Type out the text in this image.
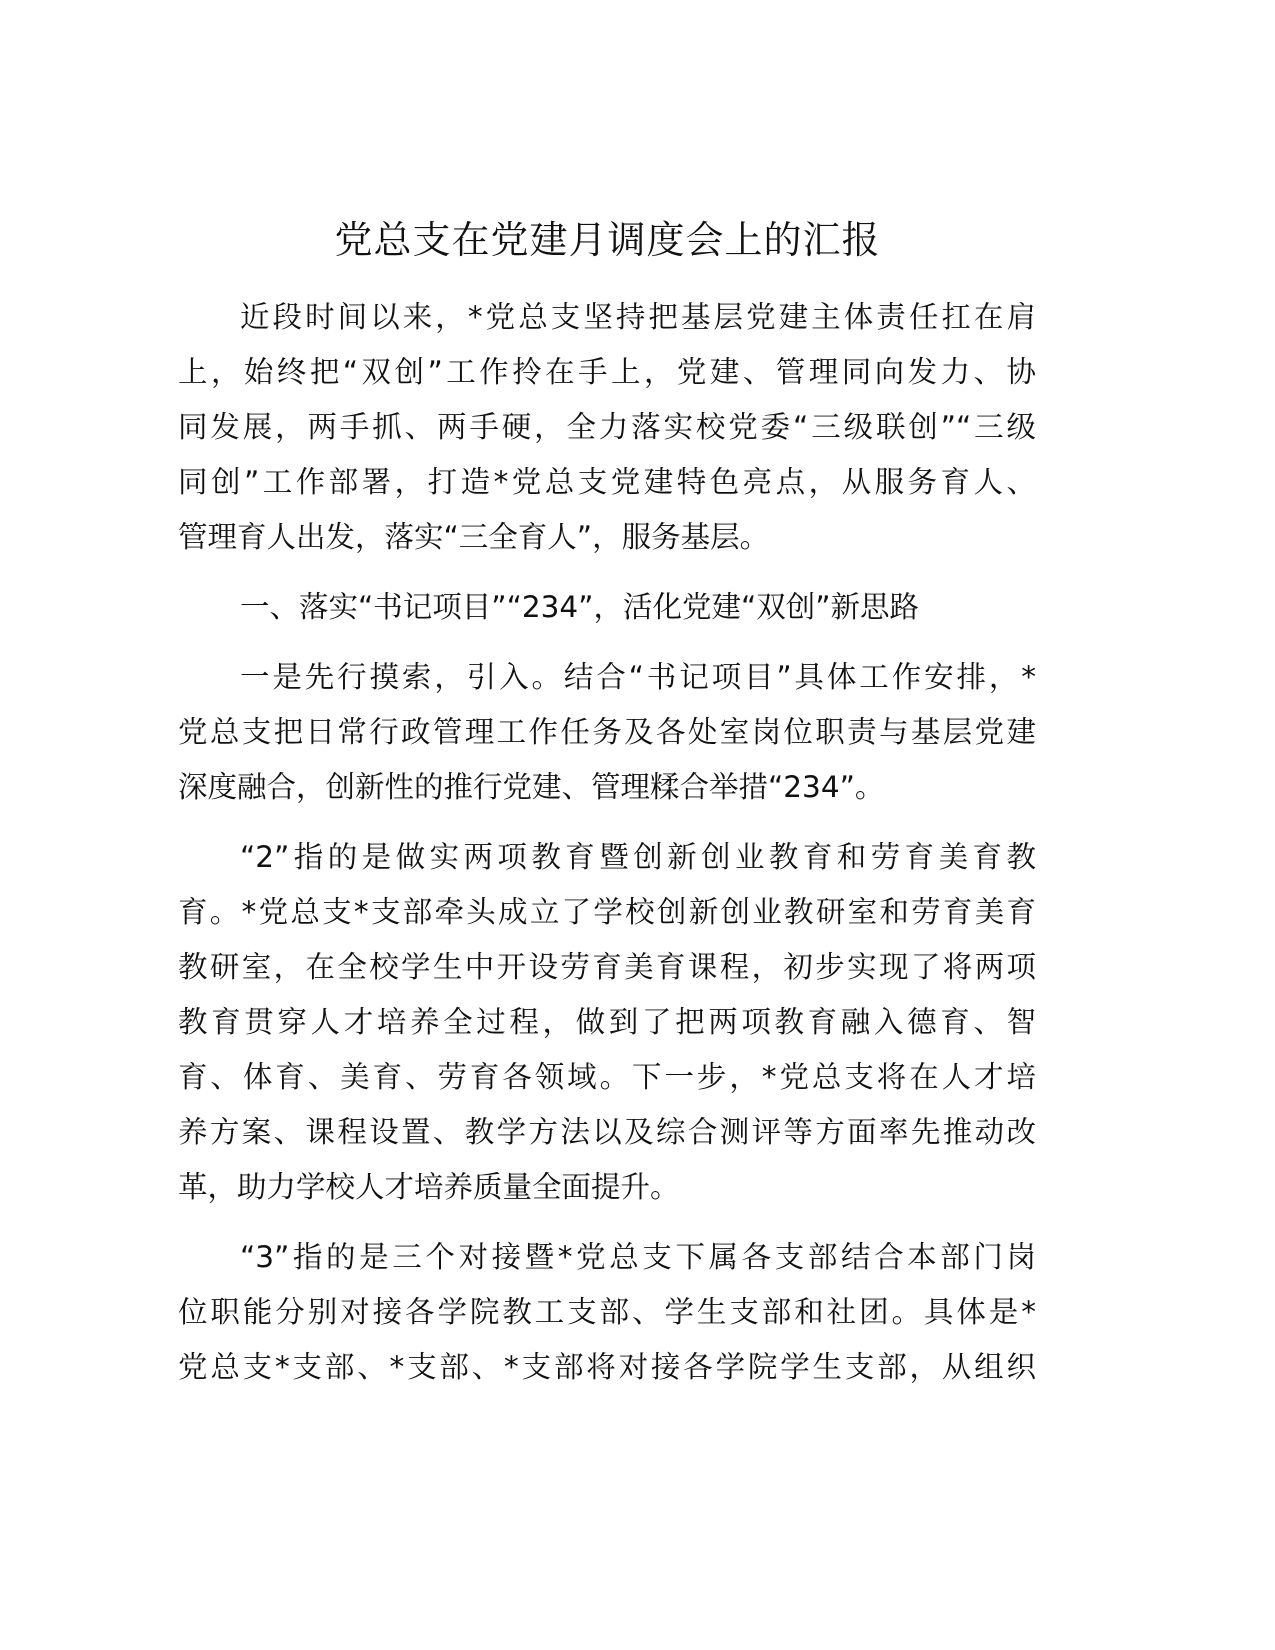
党总支在党建月调度会上的汇报
近段时间以来，*党总支坚持把基层党建主体责任扛在肩
上，始终把“双创”工作拎在手上，党建、管理同向发力、协
同发展，两手抓、两手硬，全力落实校党委“三级联创”“三级
同创”工作部署，打造*党总支党建特色亮点，从服务育人、
管理育人出发，落实“三全育人”，服务基层。
一、落实“书记项目”“234”，活化党建“双创”新思路
一是先行摸索，引入。结合“书记项目”具体工作安排，*
党总支把日常行政管理工作任务及各处室岗位职责与基层党建
深度融合，创新性的推行党建、管理糅合举措“234”。
“2”指的是做实两项教育暨创新创业教育和劳育美育教
育。*党总支*支部牵头成立了学校创新创业教研室和劳育美育
教研室，在全校学生中开设劳育美育课程，初步实现了将两项
教育贯穿人才培养全过程，做到了把两项教育融入德育、智
育、体育、美育、劳育各领域。下一步，*党总支将在人才培
养方案、课程设置、教学方法以及综合测评等方面率先推动改
革，助力学校人才培养质量全面提升。
“3”指的是三个对接暨*党总支下属各支部结合本部门岗
位职能分别对接各学院教工支部、学生支部和社团。具体是*
党总支*支部、*支部、*支部将对接各学院学生支部，从组织
